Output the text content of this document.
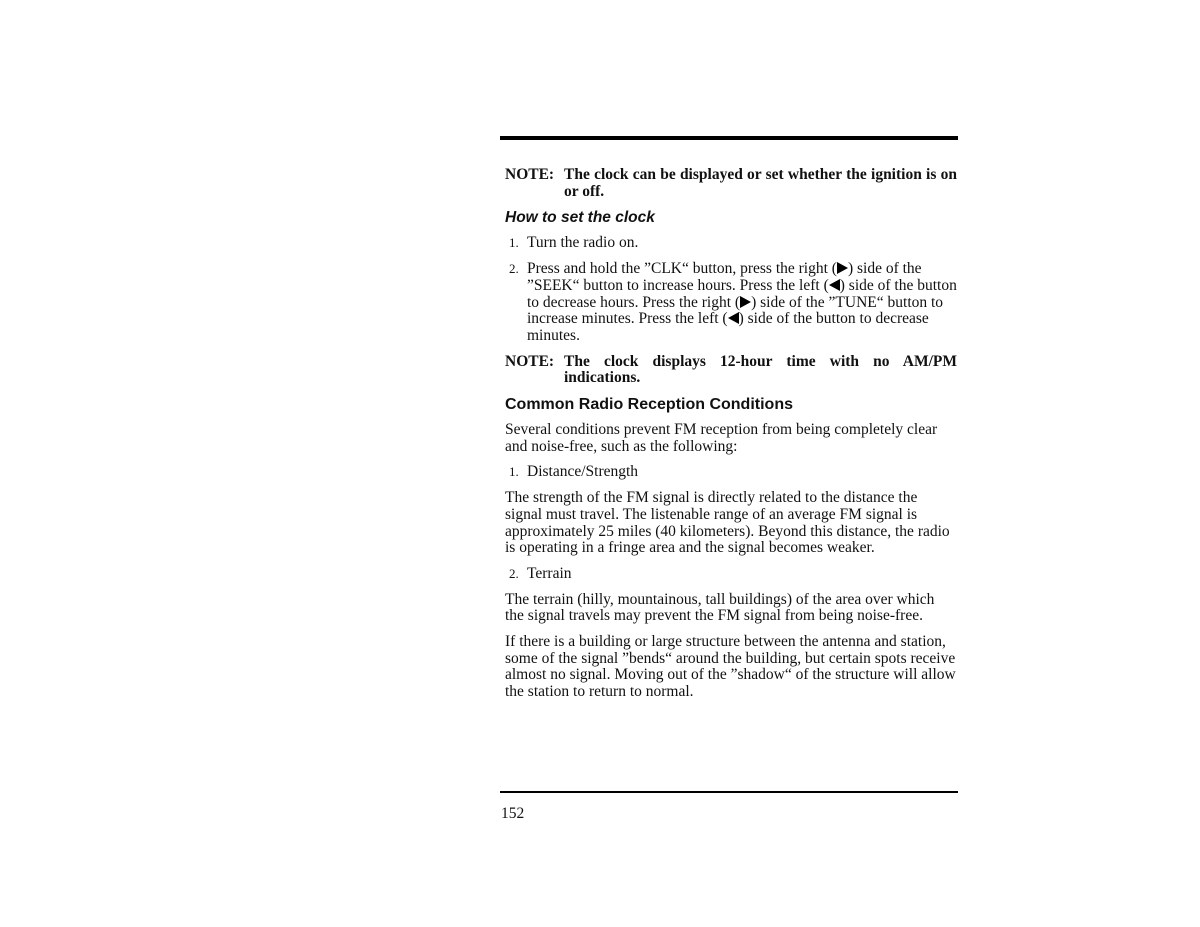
NOTE: The clock can be displayed or set whether the ignition is on or off.
How to set the clock
1. Turn the radio on.
2. Press and hold the ”CLK“ button, press the right ( ) side of the ”SEEK“ button to increase hours. Press the left ( ) side of the button to decrease hours. Press the right ( ) side of the ”TUNE“ button to increase minutes. Press the left ( ) side of the button to decrease minutes.
NOTE: The clock displays 12-hour time with no AM/PM indications.
Common Radio Reception Conditions

Several conditions prevent FM reception from being completely clear and noise-free, such as the following:

1. Distance/Strength

The strength of the FM signal is directly related to the distance the signal must travel. The listenable range of an average FM signal is approximately 25 miles (40 kilometers). Beyond this distance, the radio is operating in a fringe area and the signal becomes weaker.

2. Terrain

The terrain (hilly, mountainous, tall buildings) of the area over which the signal travels may prevent the FM signal from being noise-free.

If there is a building or large structure between the antenna and station, some of the signal ”bends“ around the building, but certain spots receive almost no signal. Moving out of the ”shadow“ of the structure will allow the station to return to normal.

152
